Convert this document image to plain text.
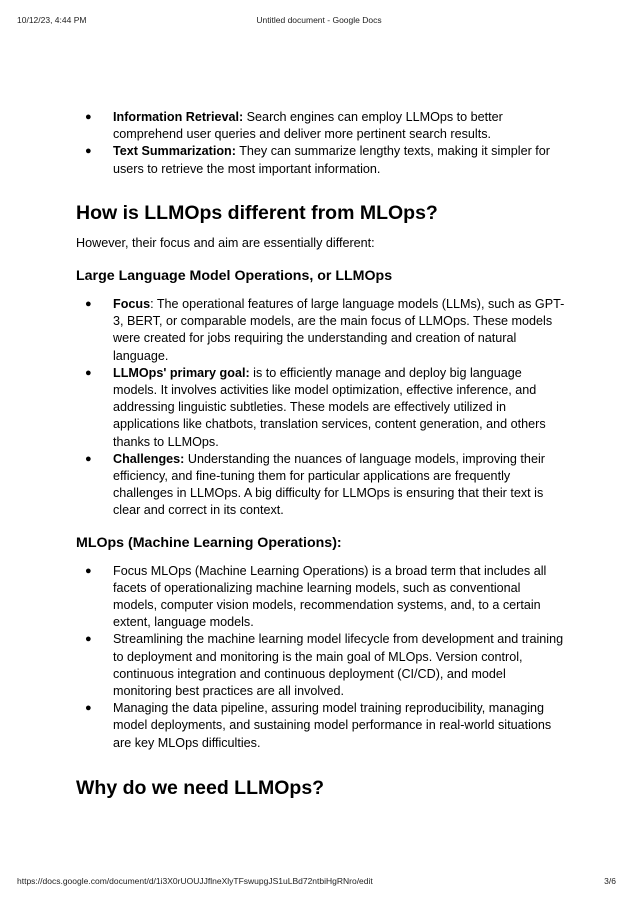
10/12/23, 4:44 PM	Untitled document - Google Docs
● Information Retrieval: Search engines can employ LLMOps to better comprehend user queries and deliver more pertinent search results.
● Text Summarization: They can summarize lengthy texts, making it simpler for users to retrieve the most important information.
How is LLMOps different from MLOps?

However, their focus and aim are essentially different:

Large Language Model Operations, or LLMOps
● Focus: The operational features of large language models (LLMs), such as GPT-3, BERT, or comparable models, are the main focus of LLMOps. These models were created for jobs requiring the understanding and creation of natural language.
● LLMOps' primary goal: is to efficiently manage and deploy big language models. It involves activities like model optimization, effective inference, and addressing linguistic subtleties. These models are effectively utilized in applications like chatbots, translation services, content generation, and others thanks to LLMOps.
● Challenges: Understanding the nuances of language models, improving their efficiency, and fine-tuning them for particular applications are frequently challenges in LLMOps. A big difficulty for LLMOps is ensuring that their text is clear and correct in its context.
MLOps (Machine Learning Operations):
● Focus MLOps (Machine Learning Operations) is a broad term that includes all facets of operationalizing machine learning models, such as conventional models, computer vision models, recommendation systems, and, to a certain extent, language models.
● Streamlining the machine learning model lifecycle from development and training to deployment and monitoring is the main goal of MLOps. Version control, continuous integration and continuous deployment (CI/CD), and model monitoring best practices are all involved.
● Managing the data pipeline, assuring model training reproducibility, managing model deployments, and sustaining model performance in real-world situations are key MLOps difficulties.
Why do we need LLMOps?
https://docs.google.com/document/d/1i3X0rUOUJJflneXlyTFswupgJS1uLBd72ntbiHgRNro/edit	3/6
